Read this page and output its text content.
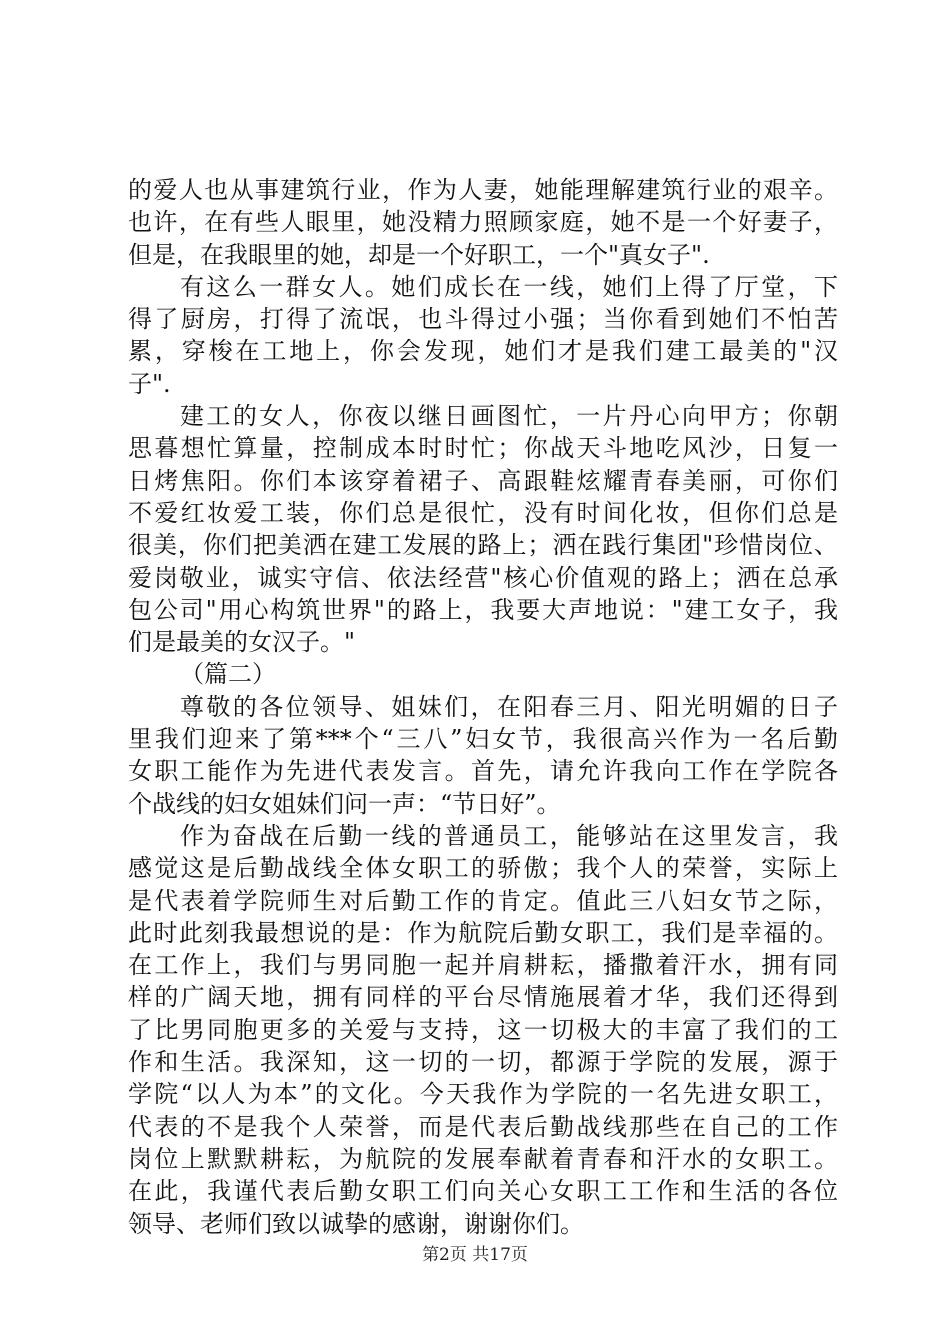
的爱人也从事建筑行业，作为人妻，她能理解建筑行业的艰辛。
也许，在有些人眼里，她没精力照顾家庭，她不是一个好妻子，
但是，在我眼里的她，却是一个好职工，一个"真女子".
有这么一群女人。她们成长在一线，她们上得了厅堂，下
得了厨房，打得了流氓，也斗得过小强；当你看到她们不怕苦
累，穿梭在工地上，你会发现，她们才是我们建工最美的"汉
子".
建工的女人，你夜以继日画图忙，一片丹心向甲方；你朝
思暮想忙算量，控制成本时时忙；你战天斗地吃风沙，日复一
日烤焦阳。你们本该穿着裙子、高跟鞋炫耀青春美丽，可你们
不爱红妆爱工装，你们总是很忙，没有时间化妆，但你们总是
很美，你们把美洒在建工发展的路上；洒在践行集团"珍惜岗位、
爱岗敬业，诚实守信、依法经营"核心价值观的路上；洒在总承
包公司"用心构筑世界"的路上，我要大声地说："建工女子，我
们是最美的女汉子。"
（篇二）
尊敬的各位领导、姐妹们，在阳春三月、阳光明媚的日子
里我们迎来了第***个“三八”妇女节，我很高兴作为一名后勤
女职工能作为先进代表发言。首先，请允许我向工作在学院各
个战线的妇女姐妹们问一声：“节日好”。
作为奋战在后勤一线的普通员工，能够站在这里发言，我
感觉这是后勤战线全体女职工的骄傲；我个人的荣誉，实际上
是代表着学院师生对后勤工作的肯定。值此三八妇女节之际，
此时此刻我最想说的是：作为航院后勤女职工，我们是幸福的。
在工作上，我们与男同胞一起并肩耕耘，播撒着汗水，拥有同
样的广阔天地，拥有同样的平台尽情施展着才华，我们还得到
了比男同胞更多的关爱与支持，这一切极大的丰富了我们的工
作和生活。我深知，这一切的一切，都源于学院的发展，源于
学院“以人为本”的文化。今天我作为学院的一名先进女职工，
代表的不是我个人荣誉，而是代表后勤战线那些在自己的工作
岗位上默默耕耘，为航院的发展奉献着青春和汗水的女职工。
在此，我谨代表后勤女职工们向关心女职工工作和生活的各位
领导、老师们致以诚挚的感谢，谢谢你们。
第2页 共17页
